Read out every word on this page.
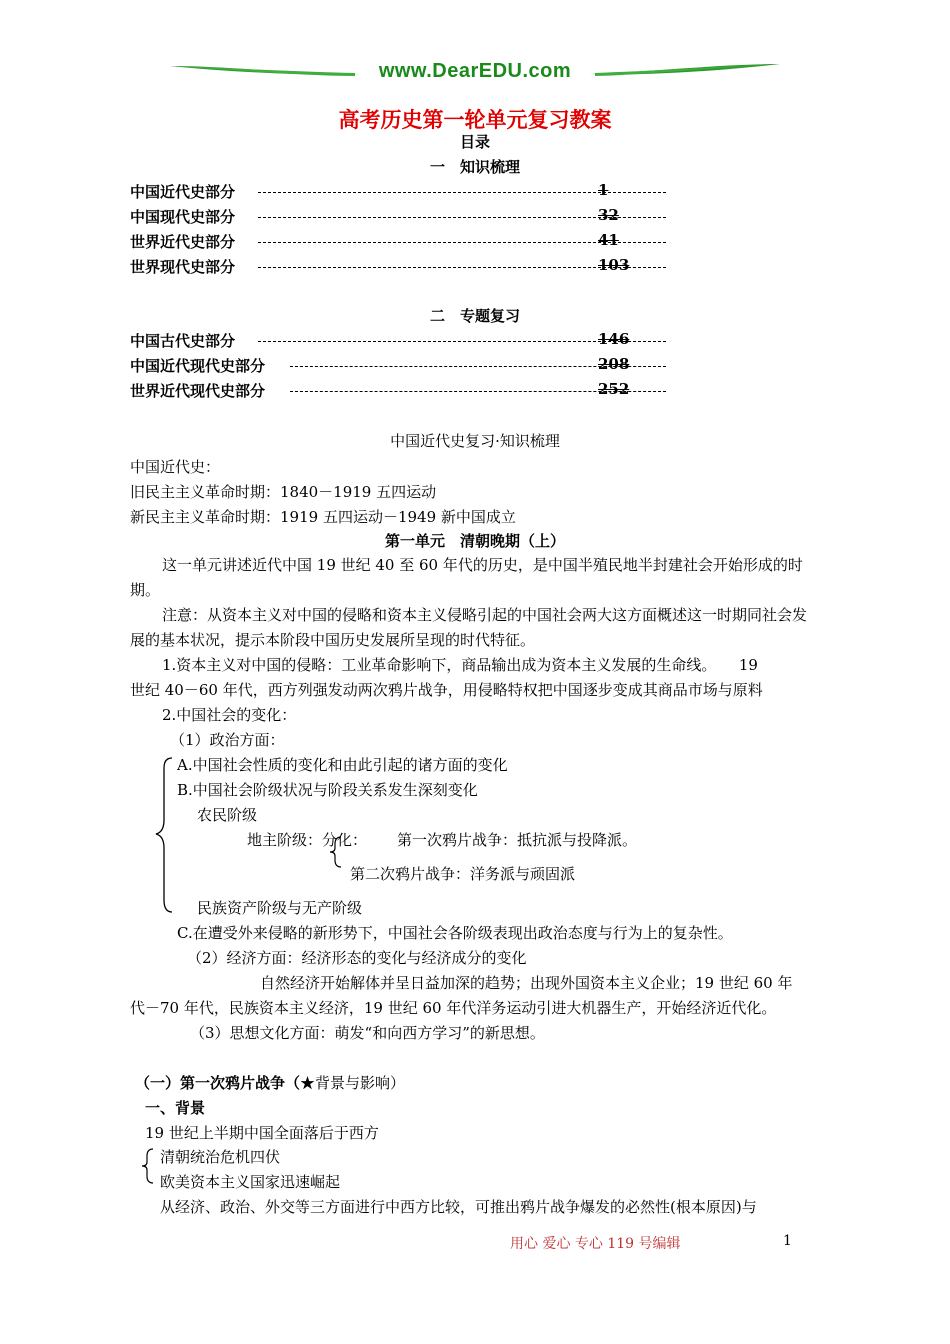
www.DearEDU.com
高考历史第一轮单元复习教案
目录
一　知识梳理
中国近代史部分	1
中国现代史部分	32
世界近代史部分	41
世界现代史部分	103
二　专题复习
中国古代史部分	146
中国近代现代史部分	208
世界近代现代史部分	252
中国近代史复习·知识梳理
中国近代史：
旧民主主义革命时期：1840－1919 五四运动
新民主主义革命时期：1919 五四运动－1949 新中国成立
第一单元　清朝晚期（上）
这一单元讲述近代中国 19 世纪 40 至 60 年代的历史，是中国半殖民地半封建社会开始形成的时期。
注意：从资本主义对中国的侵略和资本主义侵略引起的中国社会两大这方面概述这一时期同社会发展的基本状况，提示本阶段中国历史发展所呈现的时代特征。
1.资本主义对中国的侵略：工业革命影响下，商品输出成为资本主义发展的生命线。　　19
世纪 40－60 年代，西方列强发动两次鸦片战争，用侵略特权把中国逐步变成其商品市场与原料
2.中国社会的变化：
（1）政治方面：
A.中国社会性质的变化和由此引起的诸方面的变化
B.中国社会阶级状况与阶段关系发生深刻变化
农民阶级
地主阶级：分化： 第一次鸦片战争：抵抗派与投降派。
第二次鸦片战争：洋务派与顽固派
民族资产阶级与无产阶级
C.在遭受外来侵略的新形势下，中国社会各阶级表现出政治态度与行为上的复杂性。
（2）经济方面：经济形态的变化与经济成分的变化
自然经济开始解体并呈日益加深的趋势；出现外国资本主义企业；19 世纪 60 年
代－70 年代，民族资本主义经济，19 世纪 60 年代洋务运动引进大机器生产，开始经济近代化。
（3）思想文化方面：萌发“和向西方学习”的新思想。
（一）第一次鸦片战争（★背景与影响）
一、背景
19 世纪上半期中国全面落后于西方
清朝统治危机四伏
欧美资本主义国家迅速崛起
从经济、政治、外交等三方面进行中西方比较，可推出鸦片战争爆发的必然性(根本原因)与
用心 爱心 专心 119 号编辑	1
